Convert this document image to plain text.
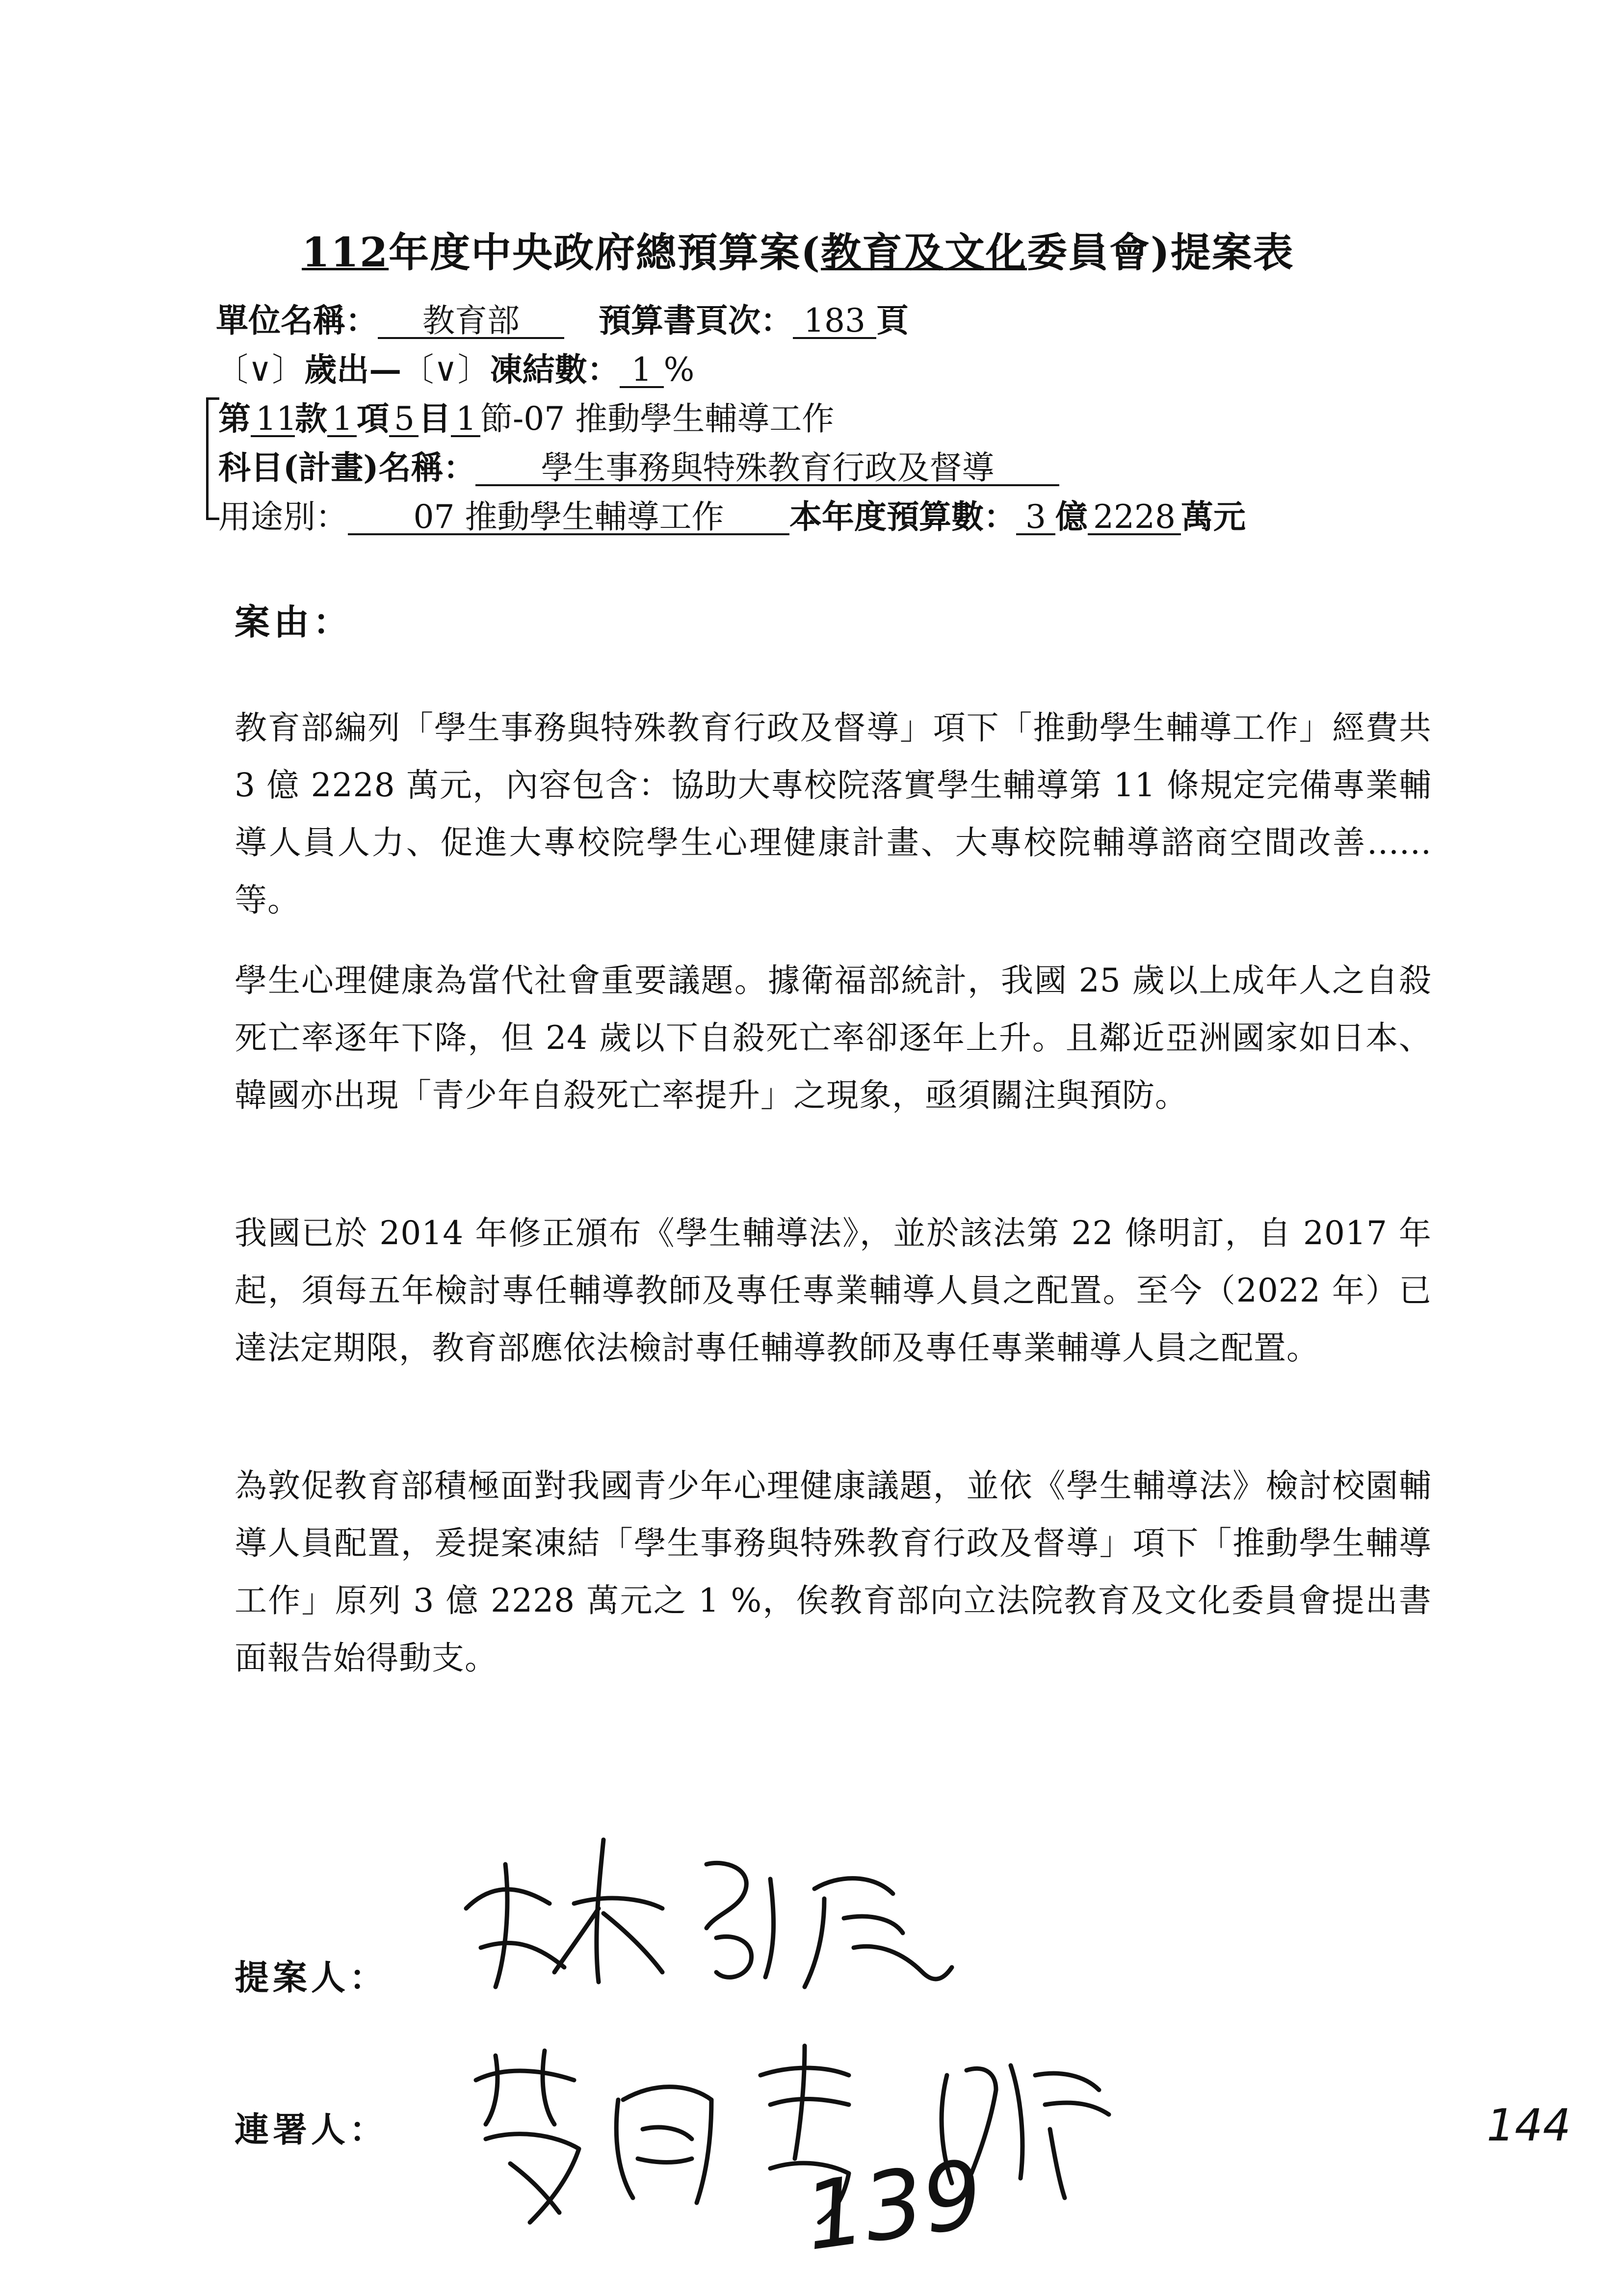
112年度中央政府總預算案(教育及文化委員會)提案表
單位名稱： 教育部 預算書頁次： 183 頁
〔∨〕歲出—〔∨〕凍結數： 1 %
第 11款 1 項 5 目 1 節-07 推動學生輔導工作
科目(計畫)名稱： 學生事務與特殊教育行政及督導
用途別： 07 推動學生輔導工作 本年度預算數： 3 億 2228 萬元
案由：
教育部編列「學生事務與特殊教育行政及督導」項下「推動學生輔導工作」經費共 3 億 2228 萬元，內容包含：協助大專校院落實學生輔導第 11 條規定完備專業輔導人員人力、促進大專校院學生心理健康計畫、大專校院輔導諮商空間改善......等。
學生心理健康為當代社會重要議題。據衛福部統計，我國 25 歲以上成年人之自殺死亡率逐年下降，但 24 歲以下自殺死亡率卻逐年上升。且鄰近亞洲國家如日本、韓國亦出現「青少年自殺死亡率提升」之現象，亟須關注與預防。
我國已於 2014 年修正頒布《學生輔導法》，並於該法第 22 條明訂，自 2017 年起，須每五年檢討專任輔導教師及專任專業輔導人員之配置。至今（2022 年）已達法定期限，教育部應依法檢討專任輔導教師及專任專業輔導人員之配置。
為敦促教育部積極面對我國青少年心理健康議題，並依《學生輔導法》檢討校園輔導人員配置，爰提案凍結「學生事務與特殊教育行政及督導」項下「推動學生輔導工作」原列 3 億 2228 萬元之 1 %，俟教育部向立法院教育及文化委員會提出書面報告始得動支。
提案人：
連署人：
139
144
